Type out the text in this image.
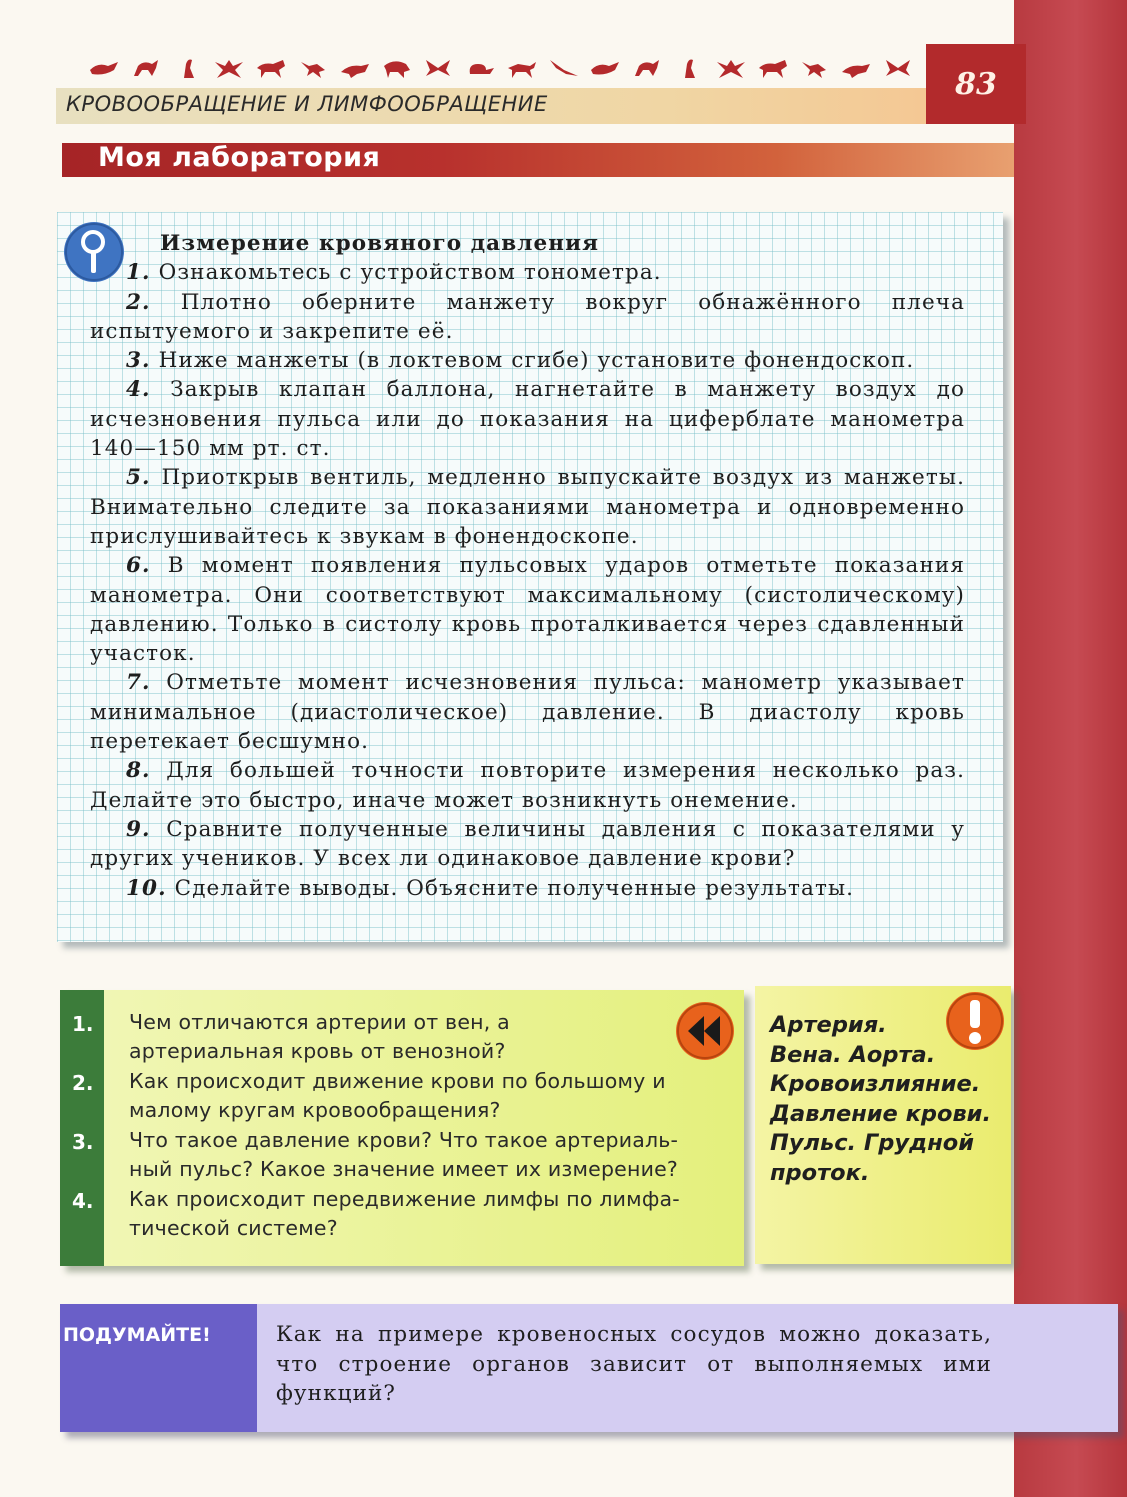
83
КРОВООБРАЩЕНИЕ И ЛИМФООБРАЩЕНИЕ
Моя лаборатория
Измерение кровяного давления
1. Ознакомьтесь с устройством тонометра.
2. Плотно оберните манжету вокруг обнажённого плеча испытуемого и закрепите её.
3. Ниже манжеты (в локтевом сгибе) установите фонендоскоп.
4. Закрыв клапан баллона, нагнетайте в манжету воздух до исчезновения пульса или до показания на циферблате манометра 140—150 мм рт. ст.
5. Приоткрыв вентиль, медленно выпускайте воздух из манжеты. Внимательно следите за показаниями манометра и одновременно прислушивайтесь к звукам в фонендоскопе.
6. В момент появления пульсовых ударов отметьте показания манометра. Они соответствуют максимальному (систолическому) давлению. Только в систолу кровь проталкивается через сдавленный участок.
7. Отметьте момент исчезновения пульса: манометр указывает минимальное (диастолическое) давление. В диастолу кровь перетекает бесшумно.
8. Для большей точности повторите измерения несколько раз. Делайте это быстро, иначе может возникнуть онемение.
9. Сравните полученные величины давления с показателями у других учеников. У всех ли одинаковое давление крови?
10. Сделайте выводы. Объясните полученные результаты.
1.	Чем отличаются артерии от вен, а
артериальная кровь от венозной?
2.	Как происходит движение крови по большому и
малому кругам кровообращения?
3.	Что такое давление крови? Что такое артериаль-
ный пульс? Какое значение имеет их измерение?
4.	Как происходит передвижение лимфы по лимфа-
тической системе?
Артерия.
Вена. Аорта.
Кровоизлияние.
Давление крови.
Пульс. Грудной
проток.
ПОДУМАЙТЕ!	Как на примере кровеносных сосудов можно доказать, что строение органов зависит от выполняемых ими функций?
